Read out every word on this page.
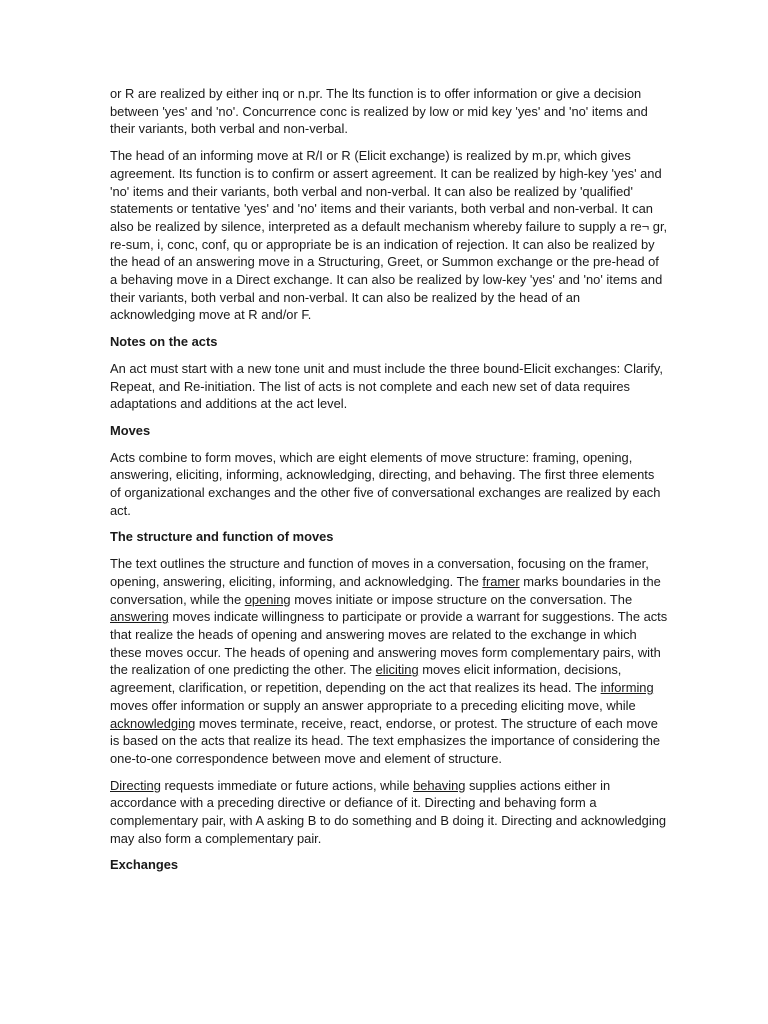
or R are realized by either inq or n.pr. The lts function is to offer information or give a decision between 'yes' and 'no'. Concurrence conc is realized by low or mid key 'yes' and 'no' items and their variants, both verbal and non-verbal.

The head of an informing move at R/I or R (Elicit exchange) is realized by m.pr, which gives agreement. Its function is to confirm or assert agreement. It can be realized by high-key 'yes' and 'no' items and their variants, both verbal and non-verbal. It can also be realized by 'qualified' statements or tentative 'yes' and 'no' items and their variants, both verbal and non-verbal. It can also be realized by silence, interpreted as a default mechanism whereby failure to supply a re¬ gr, re-sum, i, conc, conf, qu or appropriate be is an indication of rejection. It can also be realized by the head of an answering move in a Structuring, Greet, or Summon exchange or the pre-head of a behaving move in a Direct exchange. It can also be realized by low-key 'yes' and 'no' items and their variants, both verbal and non-verbal. It can also be realized by the head of an acknowledging move at R and/or F.

Notes on the acts

An act must start with a new tone unit and must include the three bound-Elicit exchanges: Clarify, Repeat, and Re-initiation. The list of acts is not complete and each new set of data requires adaptations and additions at the act level.

Moves

Acts combine to form moves, which are eight elements of move structure: framing, opening, answering, eliciting, informing, acknowledging, directing, and behaving. The first three elements of organizational exchanges and the other five of conversational exchanges are realized by each act.

The structure and function of moves

The text outlines the structure and function of moves in a conversation, focusing on the framer, opening, answering, eliciting, informing, and acknowledging. The framer marks boundaries in the conversation, while the opening moves initiate or impose structure on the conversation. The answering moves indicate willingness to participate or provide a warrant for suggestions. The acts that realize the heads of opening and answering moves are related to the exchange in which these moves occur. The heads of opening and answering moves form complementary pairs, with the realization of one predicting the other. The eliciting moves elicit information, decisions, agreement, clarification, or repetition, depending on the act that realizes its head. The informing moves offer information or supply an answer appropriate to a preceding eliciting move, while acknowledging moves terminate, receive, react, endorse, or protest. The structure of each move is based on the acts that realize its head. The text emphasizes the importance of considering the one-to-one correspondence between move and element of structure.

Directing requests immediate or future actions, while behaving supplies actions either in accordance with a preceding directive or defiance of it. Directing and behaving form a complementary pair, with A asking B to do something and B doing it. Directing and acknowledging may also form a complementary pair.

Exchanges
